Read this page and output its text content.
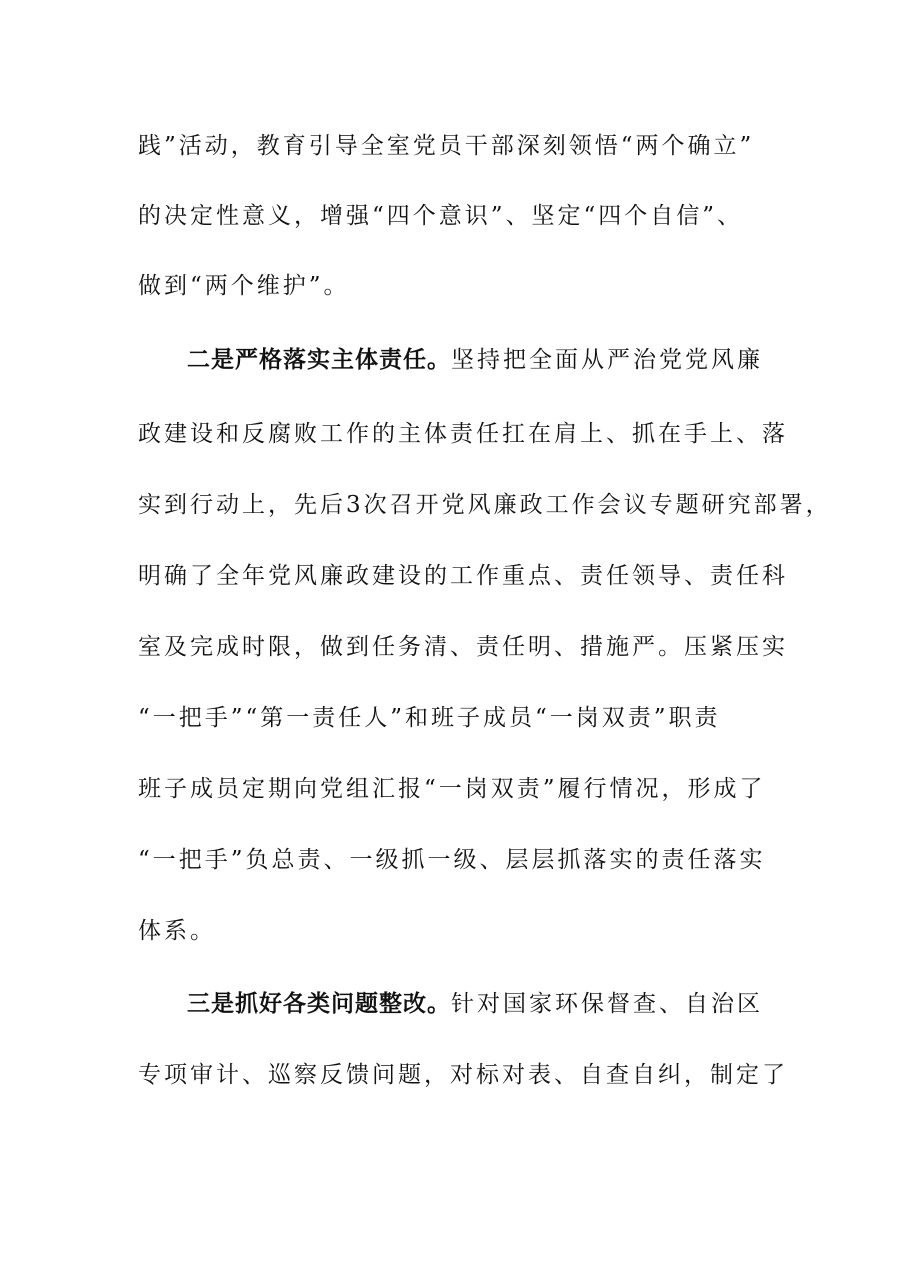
践”活动，教育引导全室党员干部深刻领悟“两个确立”
的决定性意义，增强“四个意识”、坚定“四个自信”、
做到“两个维护”。
二是严格落实主体责任。坚持把全面从严治党党风廉
政建设和反腐败工作的主体责任扛在肩上、抓在手上、落
实到行动上，先后3次召开党风廉政工作会议专题研究部署，
明确了全年党风廉政建设的工作重点、责任领导、责任科
室及完成时限，做到任务清、责任明、措施严。压紧压实
“一把手”“第一责任人”和班子成员“一岗双责”职责
班子成员定期向党组汇报“一岗双责”履行情况，形成了
“一把手”负总责、一级抓一级、层层抓落实的责任落实
体系。
三是抓好各类问题整改。针对国家环保督查、自治区
专项审计、巡察反馈问题，对标对表、自查自纠，制定了
